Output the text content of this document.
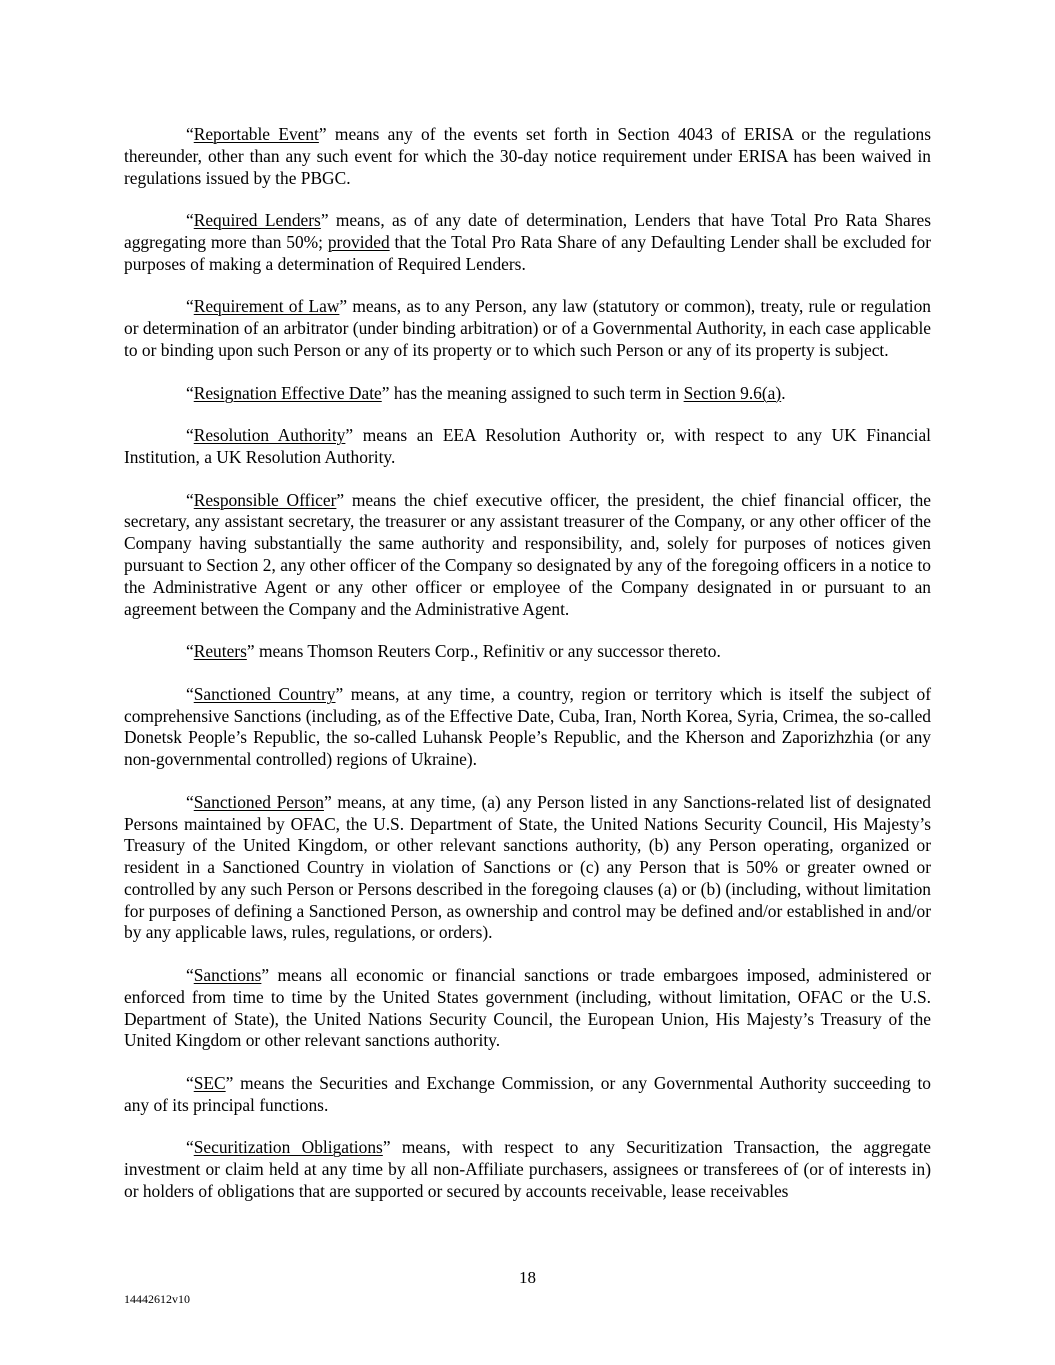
“Reportable Event” means any of the events set forth in Section 4043 of ERISA or the regulations thereunder, other than any such event for which the 30-day notice requirement under ERISA has been waived in regulations issued by the PBGC.

“Required Lenders” means, as of any date of determination, Lenders that have Total Pro Rata Shares aggregating more than 50%; provided that the Total Pro Rata Share of any Defaulting Lender shall be excluded for purposes of making a determination of Required Lenders.

“Requirement of Law” means, as to any Person, any law (statutory or common), treaty, rule or regulation or determination of an arbitrator (under binding arbitration) or of a Governmental Authority, in each case applicable to or binding upon such Person or any of its property or to which such Person or any of its property is subject.

“Resignation Effective Date” has the meaning assigned to such term in Section 9.6(a).

“Resolution Authority” means an EEA Resolution Authority or, with respect to any UK Financial Institution, a UK Resolution Authority.

“Responsible Officer” means the chief executive officer, the president, the chief financial officer, the secretary, any assistant secretary, the treasurer or any assistant treasurer of the Company, or any other officer of the Company having substantially the same authority and responsibility, and, solely for purposes of notices given pursuant to Section 2, any other officer of the Company so designated by any of the foregoing officers in a notice to the Administrative Agent or any other officer or employee of the Company designated in or pursuant to an agreement between the Company and the Administrative Agent.

“Reuters” means Thomson Reuters Corp., Refinitiv or any successor thereto.

“Sanctioned Country” means, at any time, a country, region or territory which is itself the subject of comprehensive Sanctions (including, as of the Effective Date, Cuba, Iran, North Korea, Syria, Crimea, the so-called Donetsk People’s Republic, the so-called Luhansk People’s Republic, and the Kherson and Zaporizhzhia (or any non-governmental controlled) regions of Ukraine).

“Sanctioned Person” means, at any time, (a) any Person listed in any Sanctions-related list of designated Persons maintained by OFAC, the U.S. Department of State, the United Nations Security Council, His Majesty’s Treasury of the United Kingdom, or other relevant sanctions authority, (b) any Person operating, organized or resident in a Sanctioned Country in violation of Sanctions or (c) any Person that is 50% or greater owned or controlled by any such Person or Persons described in the foregoing clauses (a) or (b) (including, without limitation for purposes of defining a Sanctioned Person, as ownership and control may be defined and/or established in and/or by any applicable laws, rules, regulations, or orders).

“Sanctions” means all economic or financial sanctions or trade embargoes imposed, administered or enforced from time to time by the United States government (including, without limitation, OFAC or the U.S. Department of State), the United Nations Security Council, the European Union, His Majesty’s Treasury of the United Kingdom or other relevant sanctions authority.

“SEC” means the Securities and Exchange Commission, or any Governmental Authority succeeding to any of its principal functions.

“Securitization Obligations” means, with respect to any Securitization Transaction, the aggregate investment or claim held at any time by all non-Affiliate purchasers, assignees or transferees of (or of interests in) or holders of obligations that are supported or secured by accounts receivable, lease receivables

18
14442612v10
